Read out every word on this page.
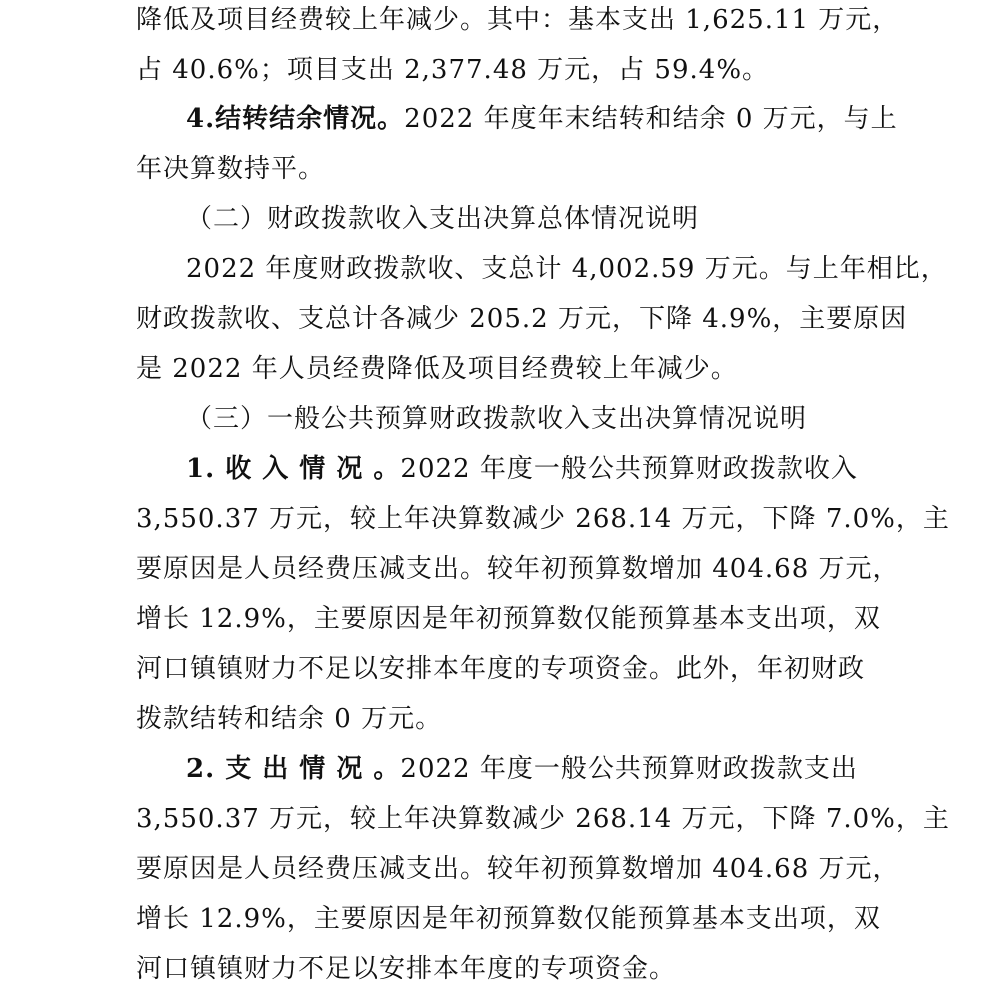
降低及项目经费较上年减少。其中：基本支出 1,625.11 万元，
占 40.6%；项目支出 2,377.48 万元，占 59.4%。
4.结转结余情况。2022 年度年末结转和结余 0 万元，与上
年决算数持平。
（二）财政拨款收入支出决算总体情况说明
2022 年度财政拨款收、支总计 4,002.59 万元。与上年相比，
财政拨款收、支总计各减少 205.2 万元，下降 4.9%，主要原因
是 2022 年人员经费降低及项目经费较上年减少。
（三）一般公共预算财政拨款收入支出决算情况说明
1. 收 入 情 况 。2022 年度一般公共预算财政拨款收入
3,550.37 万元，较上年决算数减少 268.14 万元，下降 7.0%，主
要原因是人员经费压减支出。较年初预算数增加 404.68 万元，
增长 12.9%，主要原因是年初预算数仅能预算基本支出项，双
河口镇镇财力不足以安排本年度的专项资金。此外，年初财政
拨款结转和结余 0 万元。
2. 支 出 情 况 。2022 年度一般公共预算财政拨款支出
3,550.37 万元，较上年决算数减少 268.14 万元，下降 7.0%，主
要原因是人员经费压减支出。较年初预算数增加 404.68 万元，
增长 12.9%，主要原因是年初预算数仅能预算基本支出项，双
河口镇镇财力不足以安排本年度的专项资金。
